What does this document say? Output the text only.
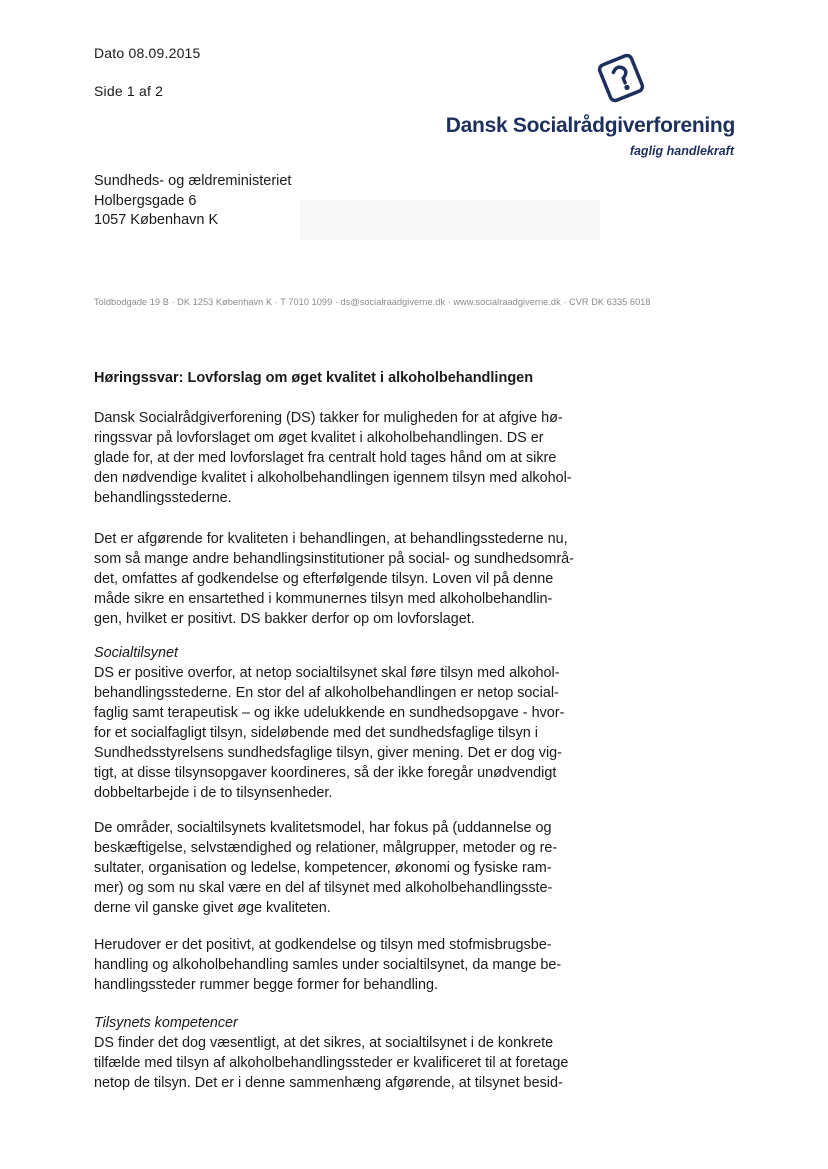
Dato 08.09.2015
Side 1 af 2
Dansk Socialrådgiverforening
faglig handlekraft
Sundheds- og ældreministeriet
Holbergsgade 6
1057 København K
Toldbodgade 19 B · DK 1253 København K · T 7010 1099 · ds@socialraadgiverne.dk · www.socialraadgiverne.dk · CVR DK 6335 6018
Høringssvar: Lovforslag om øget kvalitet i alkoholbehandlingen
Dansk Socialrådgiverforening (DS) takker for muligheden for at afgive hø-
ringssvar på lovforslaget om øget kvalitet i alkoholbehandlingen. DS er
glade for, at der med lovforslaget fra centralt hold tages hånd om at sikre
den nødvendige kvalitet i alkoholbehandlingen igennem tilsyn med alkohol-
behandlingsstederne.
Det er afgørende for kvaliteten i behandlingen, at behandlingsstederne nu,
som så mange andre behandlingsinstitutioner på social- og sundhedsområ-
det, omfattes af godkendelse og efterfølgende tilsyn. Loven vil på denne
måde sikre en ensartethed i kommunernes tilsyn med alkoholbehandlin-
gen, hvilket er positivt. DS bakker derfor op om lovforslaget.
Socialtilsynet
DS er positive overfor, at netop socialtilsynet skal føre tilsyn med alkohol-
behandlingsstederne. En stor del af alkoholbehandlingen er netop social-
faglig samt terapeutisk – og ikke udelukkende en sundhedsopgave - hvor-
for et socialfagligt tilsyn, sideløbende med det sundhedsfaglige tilsyn i
Sundhedsstyrelsens sundhedsfaglige tilsyn, giver mening. Det er dog vig-
tigt, at disse tilsynsopgaver koordineres, så der ikke foregår unødvendigt
dobbeltarbejde i de to tilsynsenheder.
De områder, socialtilsynets kvalitetsmodel, har fokus på (uddannelse og
beskæftigelse, selvstændighed og relationer, målgrupper, metoder og re-
sultater, organisation og ledelse, kompetencer, økonomi og fysiske ram-
mer) og som nu skal være en del af tilsynet med alkoholbehandlingsste-
derne vil ganske givet øge kvaliteten.
Herudover er det positivt, at godkendelse og tilsyn med stofmisbrugsbe-
handling og alkoholbehandling samles under socialtilsynet, da mange be-
handlingssteder rummer begge former for behandling.
Tilsynets kompetencer
DS finder det dog væsentligt, at det sikres, at socialtilsynet i de konkrete
tilfælde med tilsyn af alkoholbehandlingssteder er kvalificeret til at foretage
netop de tilsyn. Det er i denne sammenhæng afgørende, at tilsynet besid-
